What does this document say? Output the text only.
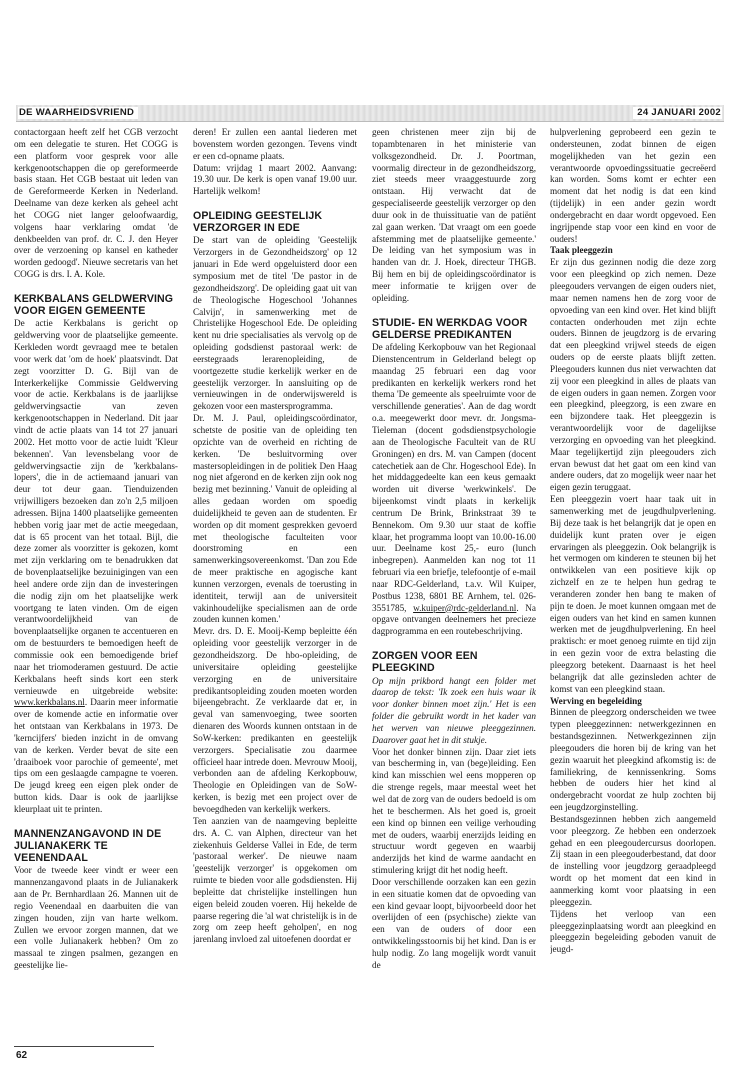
DE WAARHEIDSVRIEND	24 JANUARI 2002

contactorgaan heeft zelf het CGB verzocht om een delegatie te sturen. Het COGG is een platform voor gesprek voor alle kerkgenootschappen die op gereformeerde basis staan. Het CGB bestaat uit leden van de Gereformeerde Kerken in Nederland. Deelname van deze kerken als geheel acht het COGG niet langer geloofwaardig, volgens haar verklaring omdat 'de denkbeelden van prof. dr. C. J. den Heyer over de verzoening op kansel en katheder worden gedoogd'. Nieuwe secretaris van het COGG is drs. I. A. Kole.

KERKBALANS GELDWERVING VOOR EIGEN GEMEENTE

De actie Kerkbalans is gericht op geldwerving voor de plaatselijke gemeente. Kerkleden wordt gevraagd mee te betalen voor werk dat 'om de hoek' plaatsvindt. Dat zegt voorzitter D. G. Bijl van de Interkerkelijke Commissie Geldwerving voor de actie. Kerkbalans is de jaarlijkse geldwervingsactie van zeven kerkgenootschappen in Nederland. Dit jaar vindt de actie plaats van 14 tot 27 januari 2002. Het motto voor de actie luidt 'Kleur bekennen'. Van levensbelang voor de geldwervingsactie zijn de 'kerkbalans-lopers', die in de actiemaand januari van deur tot deur gaan. Tienduizenden vrijwilligers bezoeken dan zo'n 2,5 miljoen adressen. Bijna 1400 plaatselijke gemeenten hebben vorig jaar met de actie meegedaan, dat is 65 procent van het totaal. Bijl, die deze zomer als voorzitter is gekozen, komt met zijn verklaring om te benadrukken dat de bovenplaatselijke bezuinigingen van een heel andere orde zijn dan de investeringen die nodig zijn om het plaatselijke werk voortgang te laten vinden. Om de eigen verantwoordelijkheid van de bovenplaatselijke organen te accentueren en om de bestuurders te bemoedigen heeft de commissie ook een bemoedigende brief naar het triomoderamen gestuurd. De actie Kerkbalans heeft sinds kort een sterk vernieuwde en uitgebreide website: www.kerkbalans.nl. Daarin meer informatie over de komende actie en informatie over het ontstaan van Kerkbalans in 1973. De 'kerncijfers' bieden inzicht in de omvang van de kerken. Verder bevat de site een 'draaiboek voor parochie of gemeente', met tips om een geslaagde campagne te voeren. De jeugd kreeg een eigen plek onder de button kids. Daar is ook de jaarlijkse kleurplaat uit te printen.

MANNENZANGAVOND IN DE JULIANAKERK TE VEENENDAAL

Voor de tweede keer vindt er weer een mannenzangavond plaats in de Julianakerk aan de Pr. Bernhardlaan 26. Mannen uit de regio Veenendaal en daarbuiten die van zingen houden, zijn van harte welkom. Zullen we ervoor zorgen mannen, dat we een volle Julianakerk hebben? Om zo massaal te zingen psalmen, gezangen en geestelijke lie-

deren! Er zullen een aantal liederen met bovenstem worden gezongen. Tevens vindt er een cd-opname plaats.

Datum: vrijdag 1 maart 2002. Aanvang: 19.30 uur. De kerk is open vanaf 19.00 uur. Hartelijk welkom!

OPLEIDING GEESTELIJK VERZORGER IN EDE

De start van de opleiding 'Geestelijk Verzorgers in de Gezondheidszorg' op 12 januari in Ede werd opgeluisterd door een symposium met de titel 'De pastor in de gezondheidszorg'. De opleiding gaat uit van de Theologische Hogeschool 'Johannes Calvijn', in samenwerking met de Christelijke Hogeschool Ede. De opleiding kent nu drie specialisaties als vervolg op de opleiding godsdienst pastoraal werk: de eerstegraads lerarenopleiding, de voortgezette studie kerkelijk werker en de geestelijk verzorger. In aansluiting op de vernieuwingen in de onderwijswereld is gekozen voor een mastersprogramma.

Dr. M. J. Paul, opleidingscoördinator, schetste de positie van de opleiding ten opzichte van de overheid en richting de kerken. 'De besluitvorming over mastersopleidingen in de politiek Den Haag nog niet afgerond en de kerken zijn ook nog bezig met bezinning.' Vanuit de opleiding al alles gedaan worden om spoedig duidelijkheid te geven aan de studenten. Er worden op dit moment gesprekken gevoerd met theologische faculteiten voor doorstroming en een samenwerkingsovereenkomst. 'Dan zou Ede de meer praktische en agogische kant kunnen verzorgen, evenals de toerusting in identiteit, terwijl aan de universiteit vakinhoudelijke specialismen aan de orde zouden kunnen komen.'

Mevr. drs. D. E. Mooij-Kemp bepleitte één opleiding voor geestelijk verzorger in de gezondheidszorg. De hbo-opleiding, de universitaire opleiding geestelijke verzorging en de universitaire predikantsopleiding zouden moeten worden bijeengebracht. Ze verklaarde dat er, in geval van samenvoeging, twee soorten dienaren des Woords kunnen ontstaan in de SoW-kerken: predikanten en geestelijk verzorgers. Specialisatie zou daarmee officieel haar intrede doen. Mevrouw Mooij, verbonden aan de afdeling Kerkopbouw, Theologie en Opleidingen van de SoW-kerken, is bezig met een project over de bevoegdheden van kerkelijk werkers.

Ten aanzien van de naamgeving bepleitte drs. A. C. van Alphen, directeur van het ziekenhuis Gelderse Vallei in Ede, de term 'pastoraal werker'. De nieuwe naam 'geestelijk verzorger' is opgekomen om ruimte te bieden voor alle godsdiensten. Hij bepleitte dat christelijke instellingen hun eigen beleid zouden voeren. Hij hekelde de paarse regering die 'al wat christelijk is in de zorg om zeep heeft geholpen', en nog jarenlang invloed zal uitoefenen doordat er

geen christenen meer zijn bij de topambtenaren in het ministerie van volksgezondheid. Dr. J. Poortman, voormalig directeur in de gezondheidszorg, ziet steeds meer vraaggestuurde zorg ontstaan. Hij verwacht dat de gespecialiseerde geestelijk verzorger op den duur ook in de thuissituatie van de patiënt zal gaan werken. 'Dat vraagt om een goede afstemming met de plaatselijke gemeente.' De leiding van het symposium was in handen van dr. J. Hoek, directeur THGB. Bij hem en bij de opleidingscoördinator is meer informatie te krijgen over de opleiding.

STUDIE- EN WERKDAG VOOR GELDERSE PREDIKANTEN

De afdeling Kerkopbouw van het Regionaal Dienstencentrum in Gelderland belegt op maandag 25 februari een dag voor predikanten en kerkelijk werkers rond het thema 'De gemeente als speelruimte voor de verschillende generaties'. Aan de dag wordt o.a. meegewerkt door mevr. dr. Jongsma-Tieleman (docent godsdienstpsychologie aan de Theologische Faculteit van de RU Groningen) en drs. M. van Campen (docent catechetiek aan de Chr. Hogeschool Ede). In het middaggedeelte kan een keus gemaakt worden uit diverse 'werkwinkels'. De bijeenkomst vindt plaats in kerkelijk centrum De Brink, Brinkstraat 39 te Bennekom. Om 9.30 uur staat de koffie klaar, het programma loopt van 10.00-16.00 uur. Deelname kost 25,- euro (lunch inbegrepen). Aanmelden kan nog tot 11 februari via een briefje, telefoontje of e-mail naar RDC-Gelderland, t.a.v. Wil Kuiper, Postbus 1238, 6801 BE Arnhem, tel. 026-3551785, w.kuiper@rdc-gelderland.nl. Na opgave ontvangen deelnemers het precieze dagprogramma en een routebeschrijving.

ZORGEN VOOR EEN PLEEGKIND

Op mijn prikbord hangt een folder met daarop de tekst: 'Ik zoek een huis waar ik voor donker binnen moet zijn.' Het is een folder die gebruikt wordt in het kader van het werven van nieuwe pleeggezinnen. Daarover gaat het in dit stukje.

Voor het donker binnen zijn. Daar ziet iets van bescherming in, van (bege)leiding. Een kind kan misschien wel eens mopperen op die strenge regels, maar meestal weet het wel dat de zorg van de ouders bedoeld is om het te beschermen. Als het goed is, groeit een kind op binnen een veilige verhouding met de ouders, waarbij enerzijds leiding en structuur wordt gegeven en waarbij anderzijds het kind de warme aandacht en stimulering krijgt dit het nodig heeft.

Door verschillende oorzaken kan een gezin in een situatie komen dat de opvoeding van een kind gevaar loopt, bijvoorbeeld door het overlijden of een (psychische) ziekte van een van de ouders of door een ontwikkelingsstoornis bij het kind. Dan is er hulp nodig. Zo lang mogelijk wordt vanuit de

hulpverlening geprobeerd een gezin te ondersteunen, zodat binnen de eigen mogelijkheden van het gezin een verantwoorde opvoedingssituatie gecreëerd kan worden. Soms komt er echter een moment dat het nodig is dat een kind (tijdelijk) in een ander gezin wordt ondergebracht en daar wordt opgevoed. Een ingrijpende stap voor een kind en voor de ouders!

Taak pleeggezin

Er zijn dus gezinnen nodig die deze zorg voor een pleegkind op zich nemen. Deze pleegouders vervangen de eigen ouders niet, maar nemen namens hen de zorg voor de opvoeding van een kind over. Het kind blijft contacten onderhouden met zijn echte ouders. Binnen de jeugdzorg is de ervaring dat een pleegkind vrijwel steeds de eigen ouders op de eerste plaats blijft zetten. Pleegouders kunnen dus niet verwachten dat zij voor een pleegkind in alles de plaats van de eigen ouders in gaan nemen. Zorgen voor een pleegkind, pleegzorg, is een zware en een bijzondere taak. Het pleeggezin is verantwoordelijk voor de dagelijkse verzorging en opvoeding van het pleegkind. Maar tegelijkertijd zijn pleegouders zich ervan bewust dat het gaat om een kind van andere ouders, dat zo mogelijk weer naar het eigen gezin teruggaat.

Een pleeggezin voert haar taak uit in samenwerking met de jeugdhulpverlening. Bij deze taak is het belangrijk dat je open en duidelijk kunt praten over je eigen ervaringen als pleeggezin. Ook belangrijk is het vermogen om kinderen te steunen bij het ontwikkelen van een positieve kijk op zichzelf en ze te helpen hun gedrag te veranderen zonder hen bang te maken of pijn te doen. Je moet kunnen omgaan met de eigen ouders van het kind en samen kunnen werken met de jeugdhulpverlening. En heel praktisch: er moet genoeg ruimte en tijd zijn in een gezin voor de extra belasting die pleegzorg betekent. Daarnaast is het heel belangrijk dat alle gezinsleden achter de komst van een pleegkind staan.

Werving en begeleiding

Binnen de pleegzorg onderscheiden we twee typen pleeggezinnen: netwerkgezinnen en bestandsgezinnen. Netwerkgezinnen zijn pleegouders die horen bij de kring van het gezin waaruit het pleegkind afkomstig is: de familiekring, de kennissenkring. Soms hebben de ouders hier het kind al ondergebracht voordat ze hulp zochten bij een jeugdzorginstelling.

Bestandsgezinnen hebben zich aangemeld voor pleegzorg. Ze hebben een onderzoek gehad en een pleegoudercursus doorlopen. Zij staan in een pleegouderbestand, dat door de instelling voor jeugdzorg geraadpleegd wordt op het moment dat een kind in aanmerking komt voor plaatsing in een pleeggezin.

Tijdens het verloop van een pleeggezinplaatsing wordt aan pleegkind en pleeggezin begeleiding geboden vanuit de jeugd-

62
